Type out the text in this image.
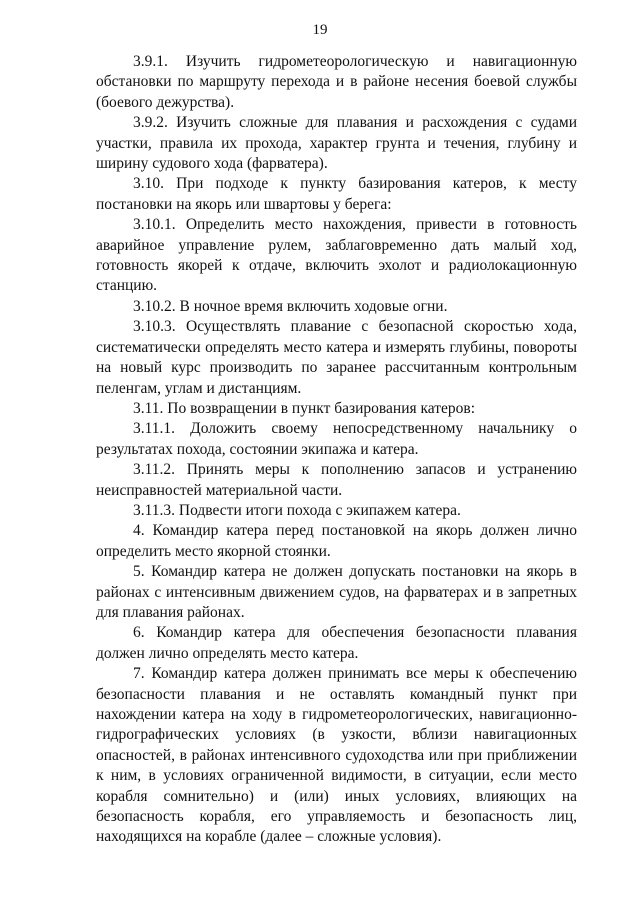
19

3.9.1. Изучить гидрометеорологическую и навигационную обстановки по маршруту перехода и в районе несения боевой службы (боевого дежурства).

3.9.2. Изучить сложные для плавания и расхождения с судами участки, правила их прохода, характер грунта и течения, глубину и ширину судового хода (фарватера).

3.10. При подходе к пункту базирования катеров, к месту постановки на якорь или швартовы у берега:

3.10.1. Определить место нахождения, привести в готовность аварийное управление рулем, заблаговременно дать малый ход, готовность якорей к отдаче, включить эхолот и радиолокационную станцию.

3.10.2. В ночное время включить ходовые огни.

3.10.3. Осуществлять плавание с безопасной скоростью хода, систематически определять место катера и измерять глубины, повороты на новый курс производить по заранее рассчитанным контрольным пеленгам, углам и дистанциям.

3.11. По возвращении в пункт базирования катеров:

3.11.1. Доложить своему непосредственному начальнику о результатах похода, состоянии экипажа и катера.

3.11.2. Принять меры к пополнению запасов и устранению неисправностей материальной части.

3.11.3. Подвести итоги похода с экипажем катера.

4. Командир катера перед постановкой на якорь должен лично определить место якорной стоянки.

5. Командир катера не должен допускать постановки на якорь в районах с интенсивным движением судов, на фарватерах и в запретных для плавания районах.

6. Командир катера для обеспечения безопасности плавания должен лично определять место катера.

7. Командир катера должен принимать все меры к обеспечению безопасности плавания и не оставлять командный пункт при нахождении катера на ходу в гидрометеорологических, навигационно-гидрографических условиях (в узкости, вблизи навигационных опасностей, в районах интенсивного судоходства или при приближении к ним, в условиях ограниченной видимости, в ситуации, если место корабля сомнительно) и (или) иных условиях, влияющих на безопасность корабля, его управляемость и безопасность лиц, находящихся на корабле (далее – сложные условия).
